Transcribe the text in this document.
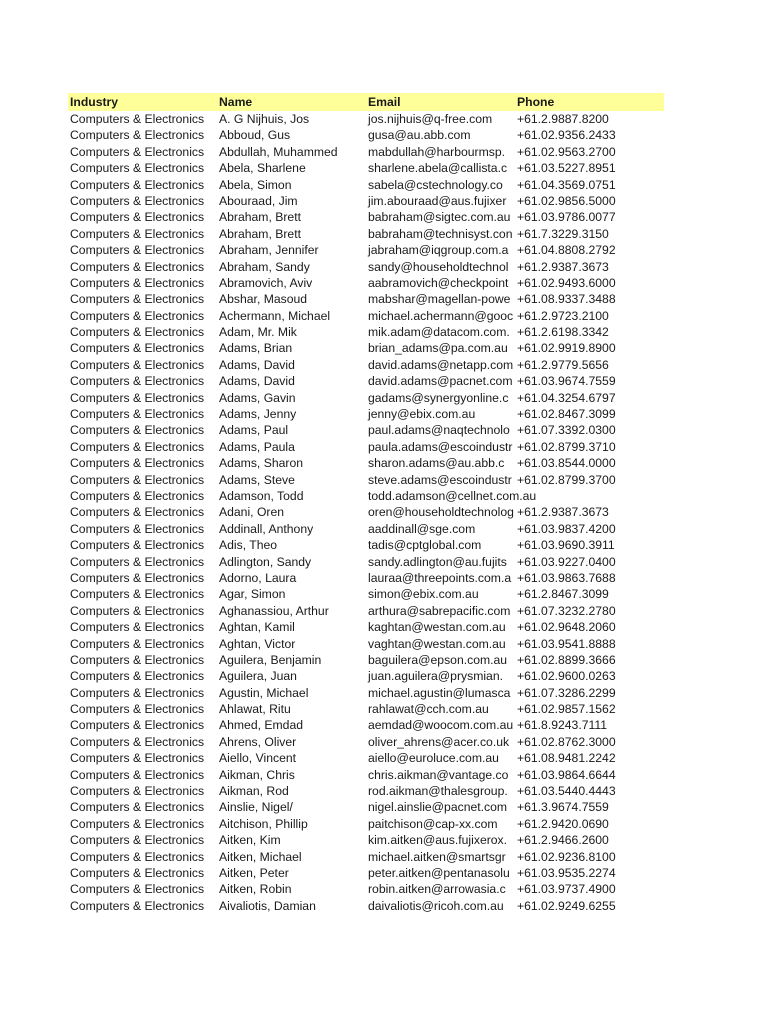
Industry	Name	Email	Phone
Computers & Electronics	A. G Nijhuis, Jos	jos.nijhuis@q-free.com	+61.2.9887.8200
Computers & Electronics	Abboud, Gus	gusa@au.abb.com	+61.02.9356.2433
Computers & Electronics	Abdullah, Muhammed	mabdullah@harbourmsp. +61.02.9563.2700
Computers & Electronics	Abela, Sharlene	sharlene.abela@callista.c +61.03.5227.8951
Computers & Electronics	Abela, Simon	sabela@cstechnology.co	+61.04.3569.0751
Computers & Electronics	Abouraad, Jim	jim.abouraad@aus.fujixer +61.02.9856.5000
Computers & Electronics	Abraham, Brett	babraham@sigtec.com.au +61.03.9786.0077
Computers & Electronics	Abraham, Brett	babraham@technisyst.con +61.7.3229.3150
Computers & Electronics	Abraham, Jennifer	jabraham@iqgroup.com.a +61.04.8808.2792
Computers & Electronics	Abraham, Sandy	sandy@householdtechnol +61.2.9387.3673
Computers & Electronics	Abramovich, Aviv	aabramovich@checkpoint +61.02.9493.6000
Computers & Electronics	Abshar, Masoud	mabshar@magellan-powe +61.08.9337.3488
Computers & Electronics	Achermann, Michael	michael.achermann@gooc +61.2.9723.2100
Computers & Electronics	Adam, Mr. Mik	mik.adam@datacom.com. +61.2.6198.3342
Computers & Electronics	Adams, Brian	brian_adams@pa.com.au +61.02.9919.8900
Computers & Electronics	Adams, David	david.adams@netapp.com +61.2.9779.5656
Computers & Electronics	Adams, David	david.adams@pacnet.com +61.03.9674.7559
Computers & Electronics	Adams, Gavin	gadams@synergyonline.c +61.04.3254.6797
Computers & Electronics	Adams, Jenny	jenny@ebix.com.au	+61.02.8467.3099
Computers & Electronics	Adams, Paul	paul.adams@naqtechnolo +61.07.3392.0300
Computers & Electronics	Adams, Paula	paula.adams@escoindustr +61.02.8799.3710
Computers & Electronics	Adams, Sharon	sharon.adams@au.abb.c	+61.03.8544.0000
Computers & Electronics	Adams, Steve	steve.adams@escoindustr +61.02.8799.3700
Computers & Electronics	Adamson, Todd	todd.adamson@cellnet.com.au
Computers & Electronics	Adani, Oren	oren@householdtechnolog +61.2.9387.3673
Computers & Electronics	Addinall, Anthony	aaddinall@sge.com	+61.03.9837.4200
Computers & Electronics	Adis, Theo	tadis@cptglobal.com	+61.03.9690.3911
Computers & Electronics	Adlington, Sandy	sandy.adlington@au.fujits +61.03.9227.0400
Computers & Electronics	Adorno, Laura	lauraa@threepoints.com.a +61.03.9863.7688
Computers & Electronics	Agar, Simon	simon@ebix.com.au	+61.2.8467.3099
Computers & Electronics	Aghanassiou, Arthur	arthura@sabrepacific.com +61.07.3232.2780
Computers & Electronics	Aghtan, Kamil	kaghtan@westan.com.au +61.02.9648.2060
Computers & Electronics	Aghtan, Victor	vaghtan@westan.com.au +61.03.9541.8888
Computers & Electronics	Aguilera, Benjamin	baguilera@epson.com.au +61.02.8899.3666
Computers & Electronics	Aguilera, Juan	juan.aguilera@prysmian.	+61.02.9600.0263
Computers & Electronics	Agustin, Michael	michael.agustin@lumasca +61.07.3286.2299
Computers & Electronics	Ahlawat, Ritu	rahlawat@cch.com.au	+61.02.9857.1562
Computers & Electronics	Ahmed, Emdad	aemdad@woocom.com.au +61.8.9243.7111
Computers & Electronics	Ahrens, Oliver	oliver_ahrens@acer.co.uk +61.02.8762.3000
Computers & Electronics	Aiello, Vincent	aiello@euroluce.com.au	+61.08.9481.2242
Computers & Electronics	Aikman, Chris	chris.aikman@vantage.co +61.03.9864.6644
Computers & Electronics	Aikman, Rod	rod.aikman@thalesgroup. +61.03.5440.4443
Computers & Electronics	Ainslie, Nigel/	nigel.ainslie@pacnet.com +61.3.9674.7559
Computers & Electronics	Aitchison, Phillip	paitchison@cap-xx.com	+61.2.9420.0690
Computers & Electronics	Aitken, Kim	kim.aitken@aus.fujixerox. +61.2.9466.2600
Computers & Electronics	Aitken, Michael	michael.aitken@smartsgr +61.02.9236.8100
Computers & Electronics	Aitken, Peter	peter.aitken@pentanasolu +61.03.9535.2274
Computers & Electronics	Aitken, Robin	robin.aitken@arrowasia.c +61.03.9737.4900
Computers & Electronics	Aivaliotis, Damian	daivaliotis@ricoh.com.au	+61.02.9249.6255
